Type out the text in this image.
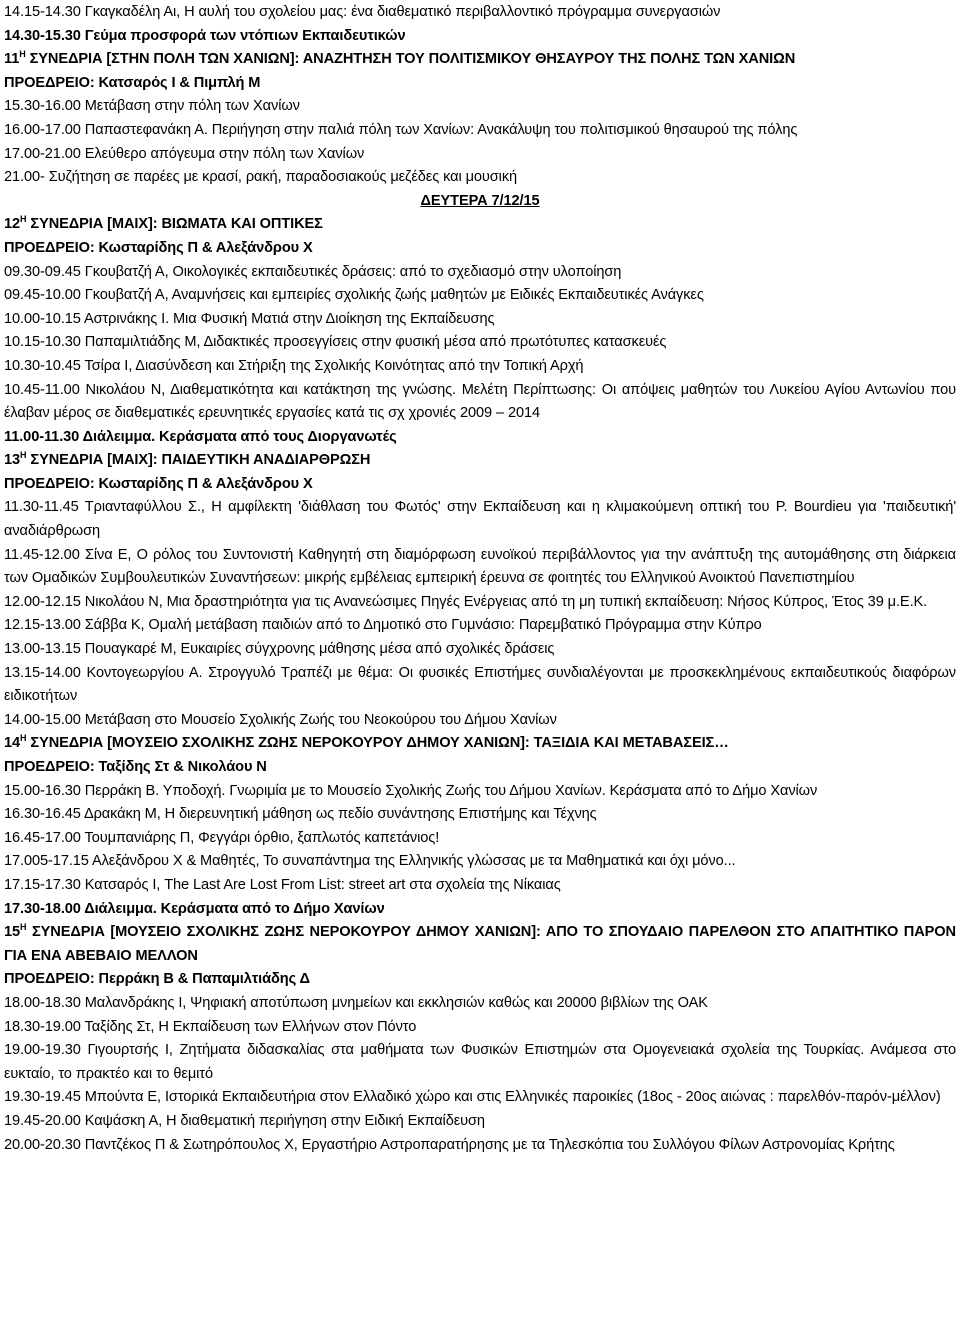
14.15-14.30 Γκαγκαδέλη Αι, Η αυλή του σχολείου μας: ένα διαθεματικό περιβαλλοντικό πρόγραμμα συνεργασιών

14.30-15.30 Γεύμα προσφορά των ντόπιων Εκπαιδευτικών

$11^H$ ΣΥΝΕΔΡΙΑ [ΣΤΗΝ ΠΟΛΗ ΤΩΝ ΧΑΝΙΩΝ]: ΑΝΑΖΗΤΗΣΗ ΤΟΥ ΠΟΛΙΤΙΣΜΙΚΟΥ ΘΗΣΑΥΡΟΥ ΤΗΣ ΠΟΛΗΣ ΤΩΝ ΧΑΝΙΩΝ

ΠΡΟΕΔΡΕΙΟ: Κατσαρός Ι & Πιμπλή Μ

15.30-16.00 Μετάβαση στην πόλη των Χανίων

16.00-17.00 Παπαστεφανάκη Α. Περιήγηση στην παλιά πόλη των Χανίων: Ανακάλυψη του πολιτισμικού θησαυρού της πόλης

17.00-21.00 Ελεύθερο απόγευμα στην πόλη των Χανίων

21.00- Συζήτηση σε παρέες με κρασί, ρακή, παραδοσιακούς μεζέδες και μουσική

ΔΕΥΤΕΡΑ 7/12/15

$12^H$ ΣΥΝΕΔΡΙΑ [ΜΑΙΧ]: ΒΙΩΜΑΤΑ ΚΑΙ ΟΠΤΙΚΕΣ

ΠΡΟΕΔΡΕΙΟ: Κωσταρίδης Π & Αλεξάνδρου Χ

09.30-09.45 Γκουβατζή Α, Οικολογικές εκπαιδευτικές δράσεις: από το σχεδιασμό στην υλοποίηση

09.45-10.00 Γκουβατζή Α, Αναμνήσεις και εμπειρίες σχολικής ζωής μαθητών με Ειδικές Εκπαιδευτικές Ανάγκες

10.00-10.15 Αστρινάκης Ι. Μια Φυσική Ματιά στην Διοίκηση της Εκπαίδευσης

10.15-10.30 Παπαμιλτιάδης Μ, Διδακτικές προσεγγίσεις στην φυσική μέσα από πρωτότυπες κατασκευές

10.30-10.45 Τσίρα Ι, Διασύνδεση και Στήριξη της Σχολικής Κοινότητας από την Τοπική Αρχή

10.45-11.00 Νικολάου Ν, Διαθεματικότητα και κατάκτηση της γνώσης. Μελέτη Περίπτωσης: Οι απόψεις μαθητών του Λυκείου Αγίου Αντωνίου που έλαβαν μέρος σε διαθεματικές ερευνητικές εργασίες κατά τις σχ χρονιές 2009 – 2014

11.00-11.30 Διάλειμμα. Κεράσματα από τους Διοργανωτές

$13^H$ ΣΥΝΕΔΡΙΑ [ΜΑΙΧ]: ΠΑΙΔΕΥΤΙΚΗ ΑΝΑΔΙΑΡΘΡΩΣΗ

ΠΡΟΕΔΡΕΙΟ: Κωσταρίδης Π & Αλεξάνδρου Χ

11.30-11.45 Τριανταφύλλου Σ., Η αμφίλεκτη 'διάθλαση του Φωτός' στην Εκπαίδευση και η κλιμακούμενη οπτική του P. Bourdieu για 'παιδευτική' αναδιάρθρωση

11.45-12.00 Σίνα Ε, Ο ρόλος του Συντονιστή Καθηγητή στη διαμόρφωση ευνοϊκού περιβάλλοντος για την ανάπτυξη της αυτομάθησης στη διάρκεια των Ομαδικών Συμβουλευτικών Συναντήσεων: μικρής εμβέλειας εμπειρική έρευνα σε φοιτητές του Ελληνικού Ανοικτού Πανεπιστημίου

12.00-12.15 Νικολάου Ν, Μια δραστηριότητα για τις Ανανεώσιμες Πηγές Ενέργειας από τη μη τυπική εκπαίδευση: Νήσος Κύπρος, Έτος 39 μ.Ε.Κ.

12.15-13.00 Σάββα Κ, Ομαλή μετάβαση παιδιών από το Δημοτικό στο Γυμνάσιο: Παρεμβατικό Πρόγραμμα στην Κύπρο

13.00-13.15 Πουαγκαρέ Μ, Ευκαιρίες σύγχρονης μάθησης μέσα από σχολικές δράσεις

13.15-14.00 Κοντογεωργίου Α. Στρογγυλό Τραπέζι με θέμα: Οι φυσικές Επιστήμες συνδιαλέγονται με προσκεκλημένους εκπαιδευτικούς διαφόρων ειδικοτήτων

14.00-15.00 Μετάβαση στο Μουσείο Σχολικής Ζωής του Νεοκούρου του Δήμου Χανίων

$14^H$ ΣΥΝΕΔΡΙΑ [ΜΟΥΣΕΙΟ ΣΧΟΛΙΚΗΣ ΖΩΗΣ ΝΕΡΟΚΟΥΡΟΥ ΔΗΜΟΥ ΧΑΝΙΩΝ]: ΤΑΞΙΔΙΑ ΚΑΙ ΜΕΤΑΒΑΣΕΙΣ…

ΠΡΟΕΔΡΕΙΟ: Ταξίδης Στ & Νικολάου Ν

15.00-16.30 Περράκη Β. Υποδοχή. Γνωριμία με το Μουσείο Σχολικής Ζωής του Δήμου Χανίων. Κεράσματα από το Δήμο Χανίων

16.30-16.45 Δρακάκη Μ, Η διερευνητική μάθηση ως πεδίο συνάντησης Επιστήμης και Τέχνης

16.45-17.00 Τουμπανιάρης Π, Φεγγάρι όρθιο, ξαπλωτός καπετάνιος!

17.005-17.15 Αλεξάνδρου Χ & Μαθητές, Το συναπάντημα της Ελληνικής γλώσσας με τα Μαθηματικά και όχι μόνο...

17.15-17.30 Κατσαρός Ι, The Last Are Lost From List: street art στα σχολεία της Νίκαιας

17.30-18.00 Διάλειμμα. Κεράσματα από το Δήμο Χανίων

$15^H$ ΣΥΝΕΔΡΙΑ [ΜΟΥΣΕΙΟ ΣΧΟΛΙΚΗΣ ΖΩΗΣ ΝΕΡΟΚΟΥΡΟΥ ΔΗΜΟΥ ΧΑΝΙΩΝ]: ΑΠΟ ΤΟ ΣΠΟΥΔΑΙΟ ΠΑΡΕΛΘΟΝ ΣΤΟ ΑΠΑΙΤΗΤΙΚΟ ΠΑΡΟΝ ΓΙΑ ΕΝΑ ΑΒΕΒΑΙΟ ΜΕΛΛΟΝ

ΠΡΟΕΔΡΕΙΟ: Περράκη Β & Παπαμιλτιάδης Δ

18.00-18.30 Μαλανδράκης Ι, Ψηφιακή αποτύπωση μνημείων και εκκλησιών καθώς και 20000 βιβλίων της ΟΑΚ

18.30-19.00 Ταξίδης Στ, Η Εκπαίδευση των Ελλήνων στον Πόντο

19.00-19.30 Γιγουρτσής Ι, Ζητήματα διδασκαλίας στα μαθήματα των Φυσικών Επιστημών στα Ομογενειακά σχολεία της Τουρκίας. Ανάμεσα στο ευκταίο, το πρακτέο και το θεμιτό

19.30-19.45 Μπούντα Ε, Ιστορικά Εκπαιδευτήρια στον Ελλαδικό χώρο και στις Ελληνικές παροικίες (18ος - 20ος αιώνας : παρελθόν-παρόν-μέλλον)

19.45-20.00 Καψάσκη Α, Η διαθεματική περιήγηση στην Ειδική Εκπαίδευση

20.00-20.30 Παντζέκος Π & Σωτηρόπουλος Χ, Εργαστήριο Αστροπαρατήρησης με τα Τηλεσκόπια του Συλλόγου Φίλων Αστρονομίας Κρήτης
